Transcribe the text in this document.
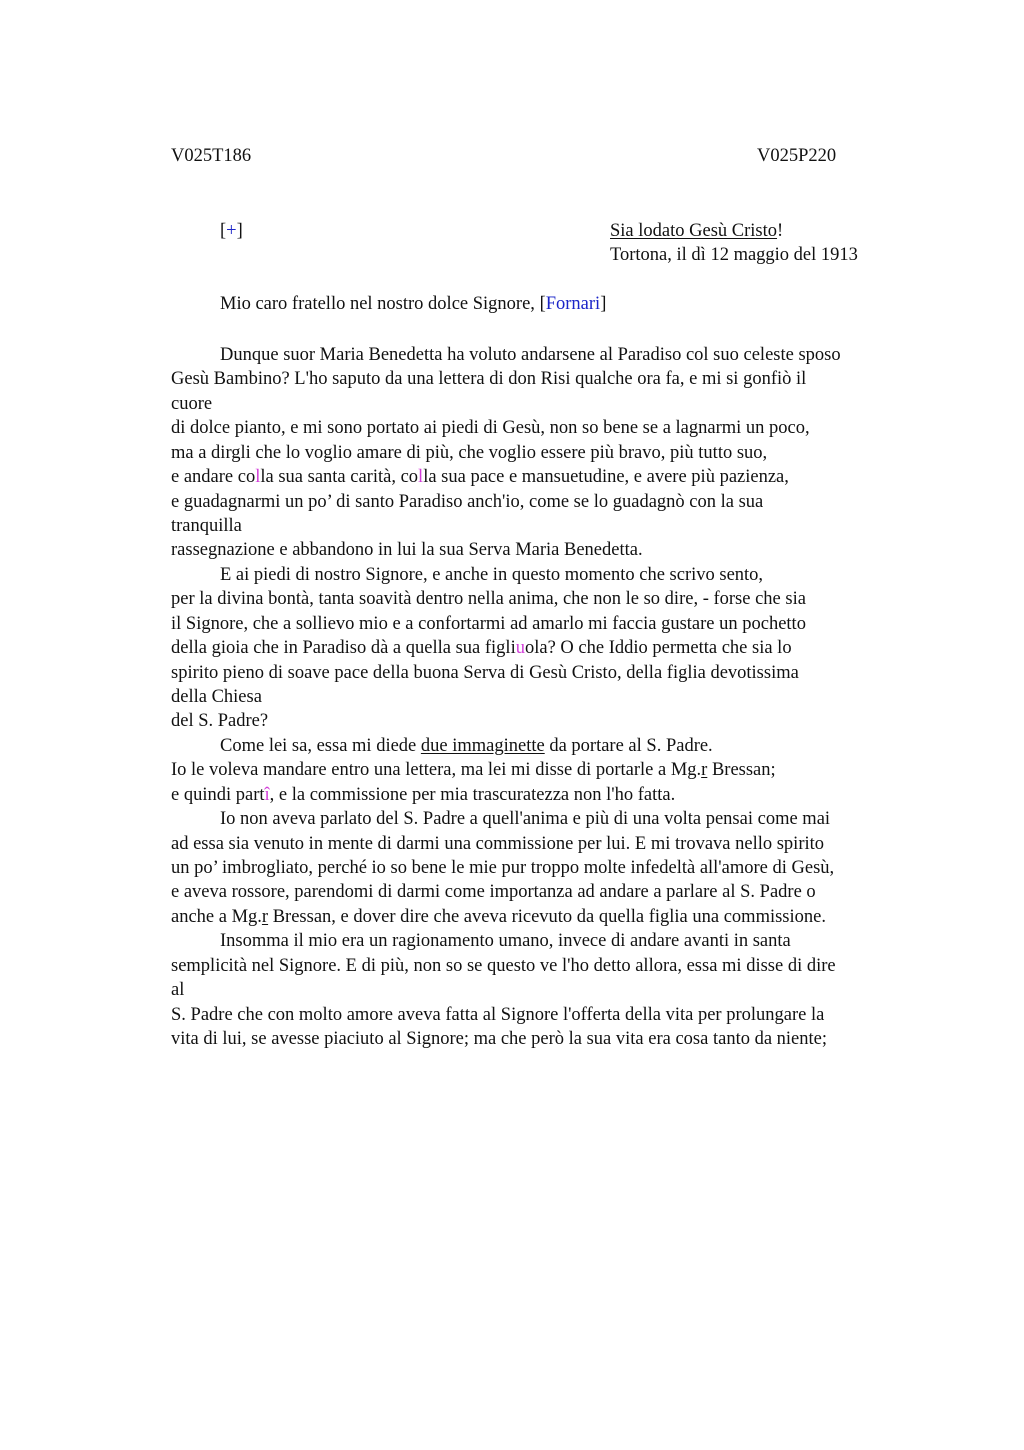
V025T186	V025P220
[+]	Sia lodato Gesù Cristo!
Tortona, il dì 12 maggio del 1913
Mio caro fratello nel nostro dolce Signore, [Fornari]
Dunque suor Maria Benedetta ha voluto andarsene al Paradiso col suo celeste sposo
Gesù Bambino? L'ho saputo da una lettera di don Risi qualche ora fa, e mi si gonfiò il
cuore
di dolce pianto, e mi sono portato ai piedi di Gesù, non so bene se a lagnarmi un poco,
ma a dirgli che lo voglio amare di più, che voglio essere più bravo, più tutto suo,
e andare colla sua santa carità, colla sua pace e mansuetudine, e avere più pazienza,
e guadagnarmi un po’ di santo Paradiso anch'io, come se lo guadagnò con la sua
tranquilla
rassegnazione e abbandono in lui la sua Serva Maria Benedetta.
E ai piedi di nostro Signore, e anche in questo momento che scrivo sento,
per la divina bontà, tanta soavità dentro nella anima, che non le so dire, - forse che sia
il Signore, che a sollievo mio e a confortarmi ad amarlo mi faccia gustare un pochetto
della gioia che in Paradiso dà a quella sua figliuola? O che Iddio permetta che sia lo
spirito pieno di soave pace della buona Serva di Gesù Cristo, della figlia devotissima
della Chiesa
del S. Padre?
Come lei sa, essa mi diede due immaginette da portare al S. Padre.
Io le voleva mandare entro una lettera, ma lei mi disse di portarle a Mg.r Bressan;
e quindi partî, e la commissione per mia trascuratezza non l'ho fatta.
Io non aveva parlato del S. Padre a quell'anima e più di una volta pensai come mai
ad essa sia venuto in mente di darmi una commissione per lui. E mi trovava nello spirito
un po’ imbrogliato, perché io so bene le mie pur troppo molte infedeltà all'amore di Gesù,
e aveva rossore, parendomi di darmi come importanza ad andare a parlare al S. Padre o
anche a Mg.r Bressan, e dover dire che aveva ricevuto da quella figlia una commissione.
Insomma il mio era un ragionamento umano, invece di andare avanti in santa
semplicità nel Signore. E di più, non so se questo ve l'ho detto allora, essa mi disse di dire
al
S. Padre che con molto amore aveva fatta al Signore l'offerta della vita per prolungare la
vita di lui, se avesse piaciuto al Signore; ma che però la sua vita era cosa tanto da niente;
